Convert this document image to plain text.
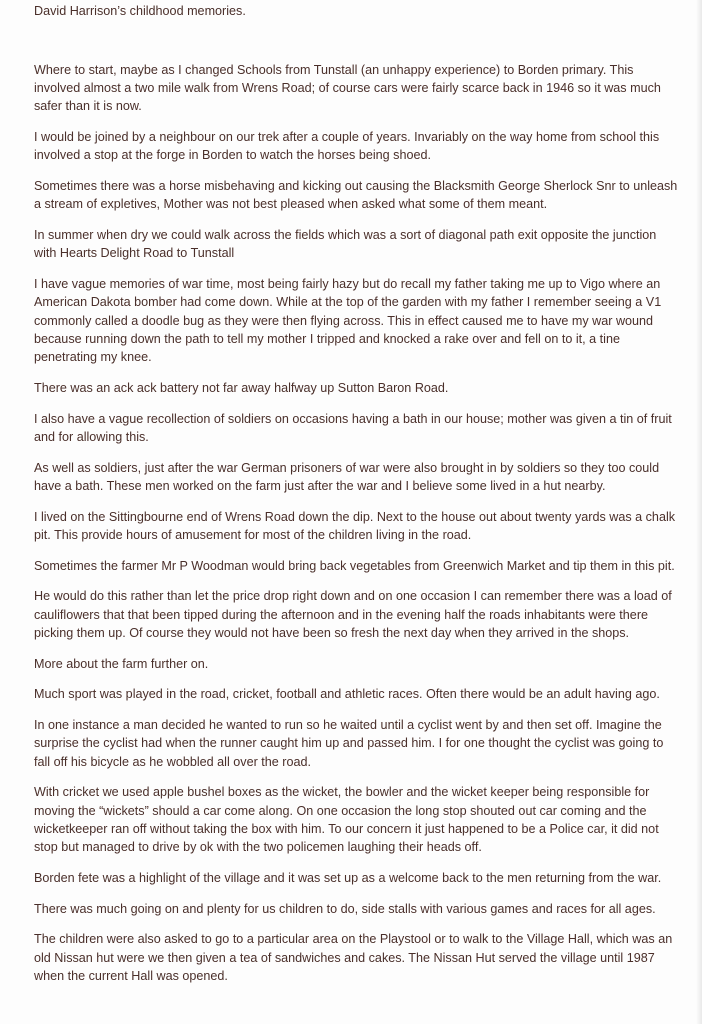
David Harrison’s childhood memories.

Where to start, maybe as I changed Schools from Tunstall (an unhappy experience) to Borden primary. This involved almost a two mile walk from Wrens Road; of course cars were fairly scarce back in 1946 so it was much safer than it is now.

I would be joined by a neighbour on our trek after a couple of years. Invariably on the way home from school this involved a stop at the forge in Borden to watch the horses being shoed.

Sometimes there was a horse misbehaving and kicking out causing the Blacksmith George Sherlock Snr to unleash a stream of expletives, Mother was not best pleased when asked what some of them meant.

In summer when dry we could walk across the fields which was a sort of diagonal path exit opposite the junction with Hearts Delight Road to Tunstall

I have vague memories of war time, most being fairly hazy but do recall my father taking me up to Vigo where an American Dakota bomber had come down. While at the top of the garden with my father I remember seeing a V1 commonly called a doodle bug as they were then flying across. This in effect caused me to have my war wound because running down the path to tell my mother I tripped and knocked a rake over and fell on to it, a tine penetrating my knee.

There was an ack ack battery not far away halfway up Sutton Baron Road.

I also have a vague recollection of soldiers on occasions having a bath in our house; mother was given a tin of fruit and for allowing this.

As well as soldiers, just after the war German prisoners of war were also brought in by soldiers so they too could have a bath. These men worked on the farm just after the war and I believe some lived in a hut nearby.

I lived on the Sittingbourne end of Wrens Road down the dip. Next to the house out about twenty yards was a chalk pit. This provide hours of amusement for most of the children living in the road.

Sometimes the farmer Mr P Woodman would bring back vegetables from Greenwich Market and tip them in this pit.

He would do this rather than let the price drop right down and on one occasion I can remember there was a load of cauliflowers that that been tipped during the afternoon and in the evening half the roads inhabitants were there picking them up. Of course they would not have been so fresh the next day when they arrived in the shops.

More about the farm further on.

Much sport was played in the road, cricket, football and athletic races. Often there would be an adult having ago.

In one instance a man decided he wanted to run so he waited until a cyclist went by and then set off. Imagine the surprise the cyclist had when the runner caught him up and passed him. I for one thought the cyclist was going to fall off his bicycle as he wobbled all over the road.

With cricket we used apple bushel boxes as the wicket, the bowler and the wicket keeper being responsible for moving the “wickets” should a car come along. On one occasion the long stop shouted out car coming and the wicketkeeper ran off without taking the box with him. To our concern it just happened to be a Police car, it did not stop but managed to drive by ok with the two policemen laughing their heads off.

Borden fete was a highlight of the village and it was set up as a welcome back to the men returning from the war.

There was much going on and plenty for us children to do, side stalls with various games and races for all ages.

The children were also asked to go to a particular area on the Playstool or to walk to the Village Hall, which was an old Nissan hut were we then given a tea of sandwiches and cakes. The Nissan Hut served the village until 1987 when the current Hall was opened.
